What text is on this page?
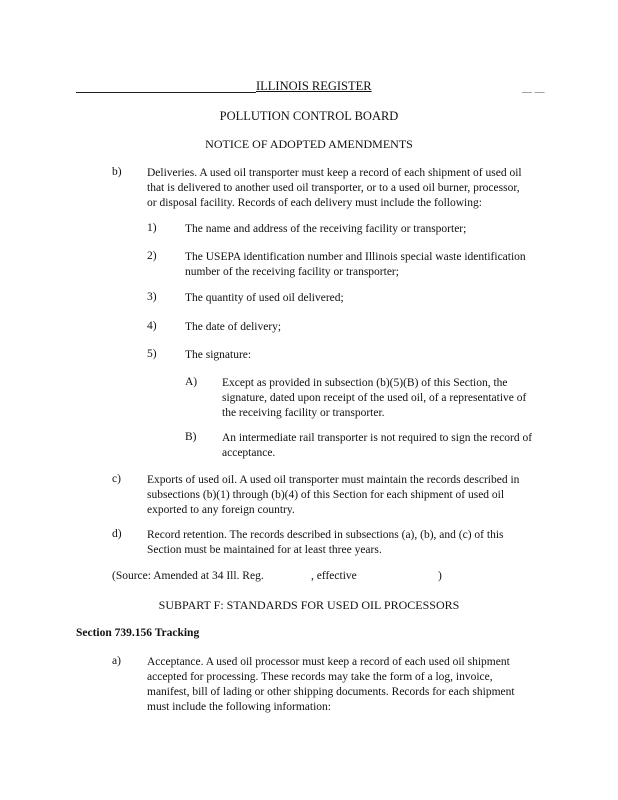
ILLINOIS REGISTER	__ __
POLLUTION CONTROL BOARD
NOTICE OF ADOPTED AMENDMENTS
b) Deliveries. A used oil transporter must keep a record of each shipment of used oil
that is delivered to another used oil transporter, or to a used oil burner, processor,
or disposal facility. Records of each delivery must include the following:
1) The name and address of the receiving facility or transporter;
2) The USEPA identification number and Illinois special waste identification
number of the receiving facility or transporter;
3) The quantity of used oil delivered;
4) The date of delivery;
5) The signature:
A) Except as provided in subsection (b)(5)(B) of this Section, the
signature, dated upon receipt of the used oil, of a representative of
the receiving facility or transporter.
B) An intermediate rail transporter is not required to sign the record of
acceptance.
c) Exports of used oil. A used oil transporter must maintain the records described in
subsections (b)(1) through (b)(4) of this Section for each shipment of used oil
exported to any foreign country.
d) Record retention. The records described in subsections (a), (b), and (c) of this
Section must be maintained for at least three years.
(Source: Amended at 34 Ill. Reg.	, effective	)
SUBPART F: STANDARDS FOR USED OIL PROCESSORS
Section 739.156 Tracking
a) Acceptance. A used oil processor must keep a record of each used oil shipment
accepted for processing. These records may take the form of a log, invoice,
manifest, bill of lading or other shipping documents. Records for each shipment
must include the following information:
